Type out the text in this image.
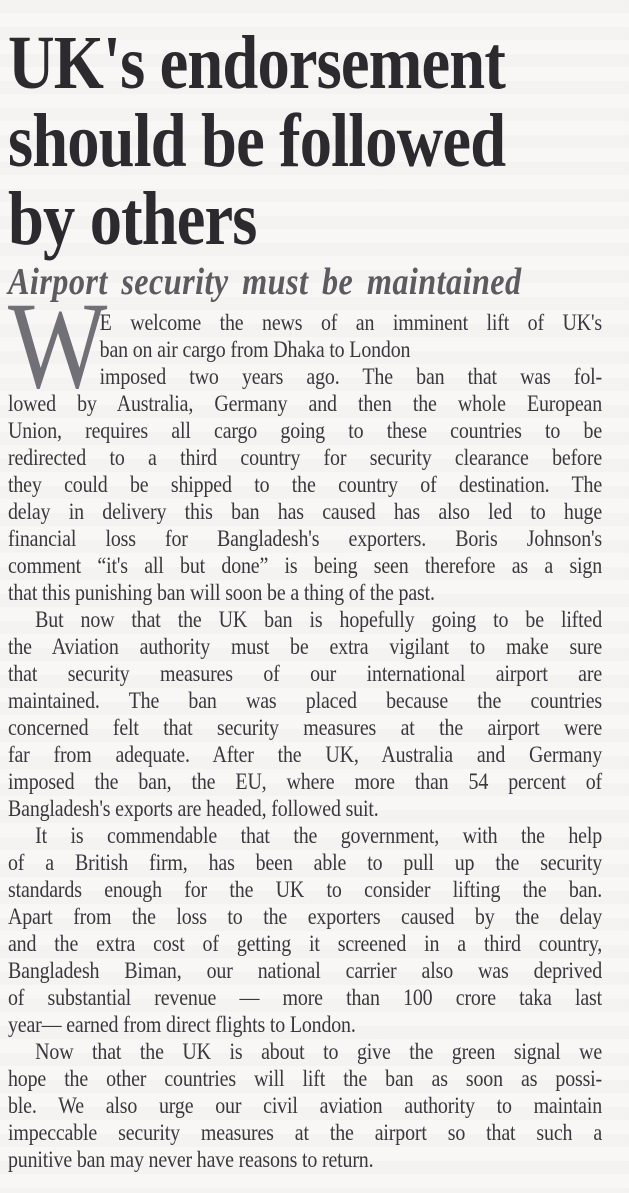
UK's endorsement
should be followed
by others
Airport security must be maintained
W
E welcome the news of an imminent lift of UK's
ban on air cargo from Dhaka to London
imposed two years ago. The ban that was fol-
lowed by Australia, Germany and then the whole European
Union, requires all cargo going to these countries to be
redirected to a third country for security clearance before
they could be shipped to the country of destination. The
delay in delivery this ban has caused has also led to huge
financial loss for Bangladesh's exporters. Boris Johnson's
comment “it's all but done” is being seen therefore as a sign
that this punishing ban will soon be a thing of the past.
But now that the UK ban is hopefully going to be lifted
the Aviation authority must be extra vigilant to make sure
that security measures of our international airport are
maintained. The ban was placed because the countries
concerned felt that security measures at the airport were
far from adequate. After the UK, Australia and Germany
imposed the ban, the EU, where more than 54 percent of
Bangladesh's exports are headed, followed suit.
It is commendable that the government, with the help
of a British firm, has been able to pull up the security
standards enough for the UK to consider lifting the ban.
Apart from the loss to the exporters caused by the delay
and the extra cost of getting it screened in a third country,
Bangladesh Biman, our national carrier also was deprived
of substantial revenue — more than 100 crore taka last
year— earned from direct flights to London.
Now that the UK is about to give the green signal we
hope the other countries will lift the ban as soon as possi-
ble. We also urge our civil aviation authority to maintain
impeccable security measures at the airport so that such a
punitive ban may never have reasons to return.
